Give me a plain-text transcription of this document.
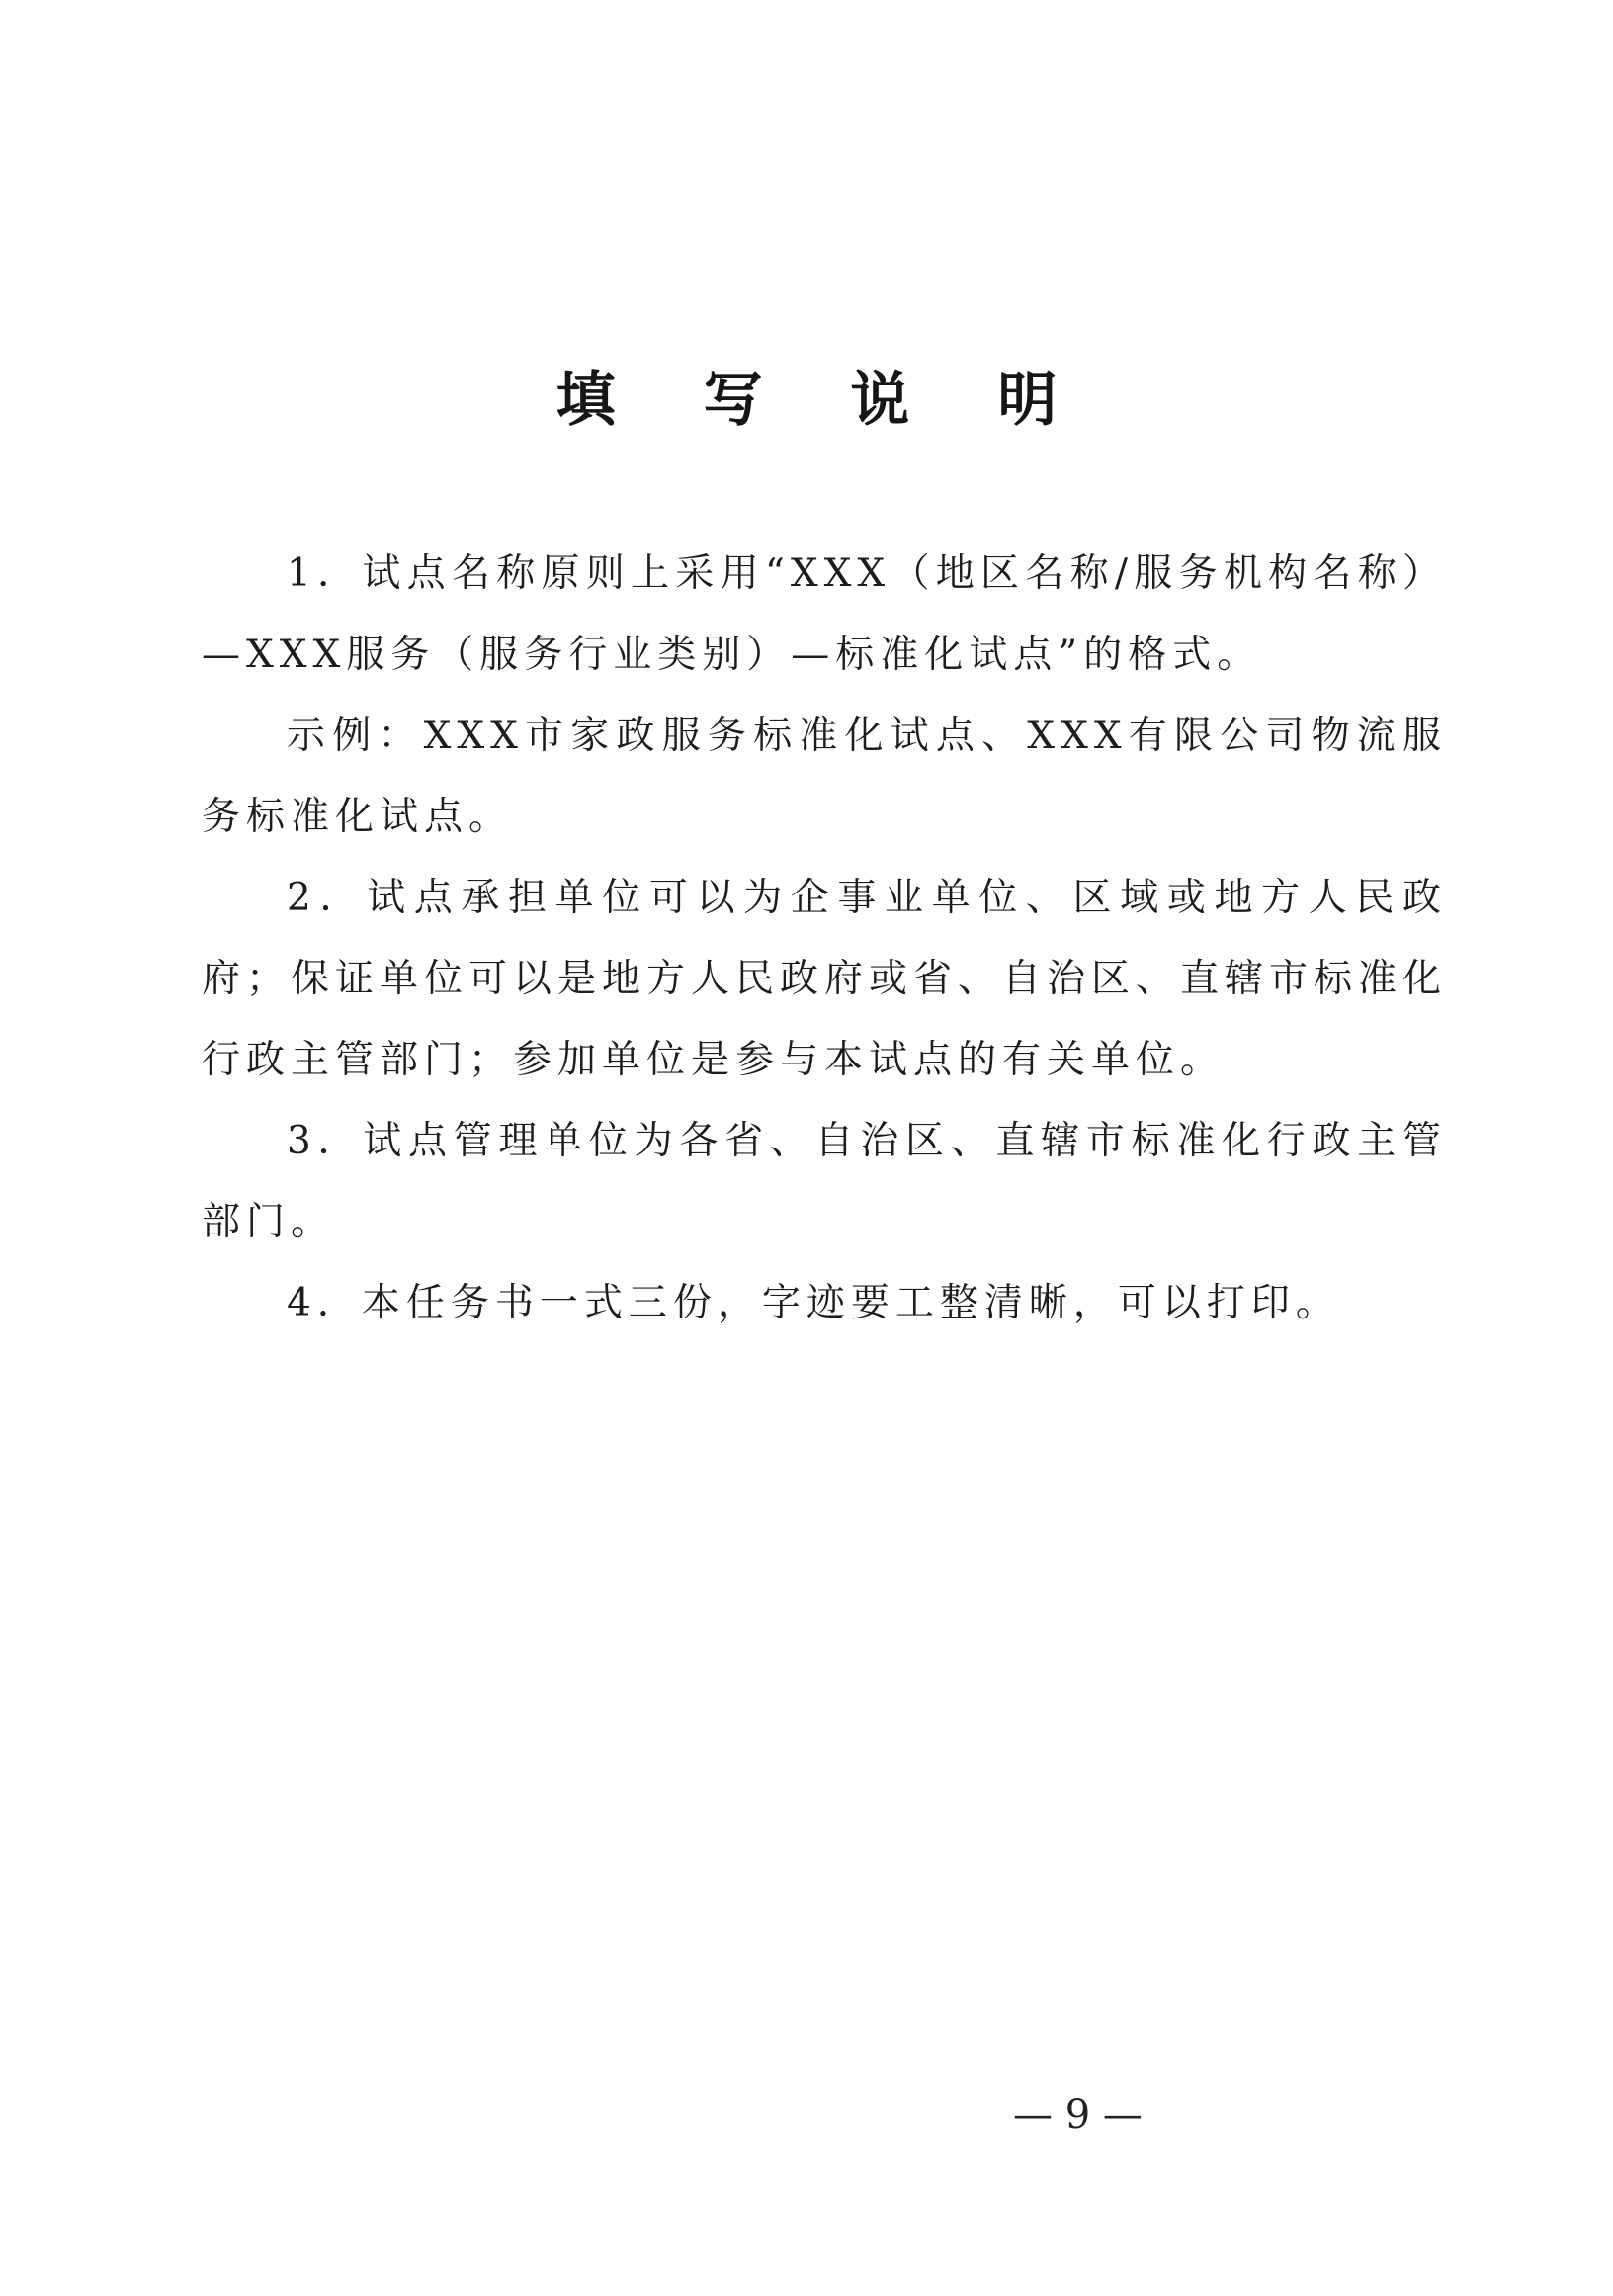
填 写 说 明

1．试点名称原则上采用“XXX（地区名称/服务机构名称）—XXX服务（服务行业类别）—标准化试点”的格式。

示例：XXX市家政服务标准化试点、XXX有限公司物流服务标准化试点。

2．试点承担单位可以为企事业单位、区域或地方人民政府；保证单位可以是地方人民政府或省、自治区、直辖市标准化行政主管部门；参加单位是参与本试点的有关单位。

3．试点管理单位为各省、自治区、直辖市标准化行政主管部门。

4．本任务书一式三份，字迹要工整清晰，可以打印。

— 9 —
